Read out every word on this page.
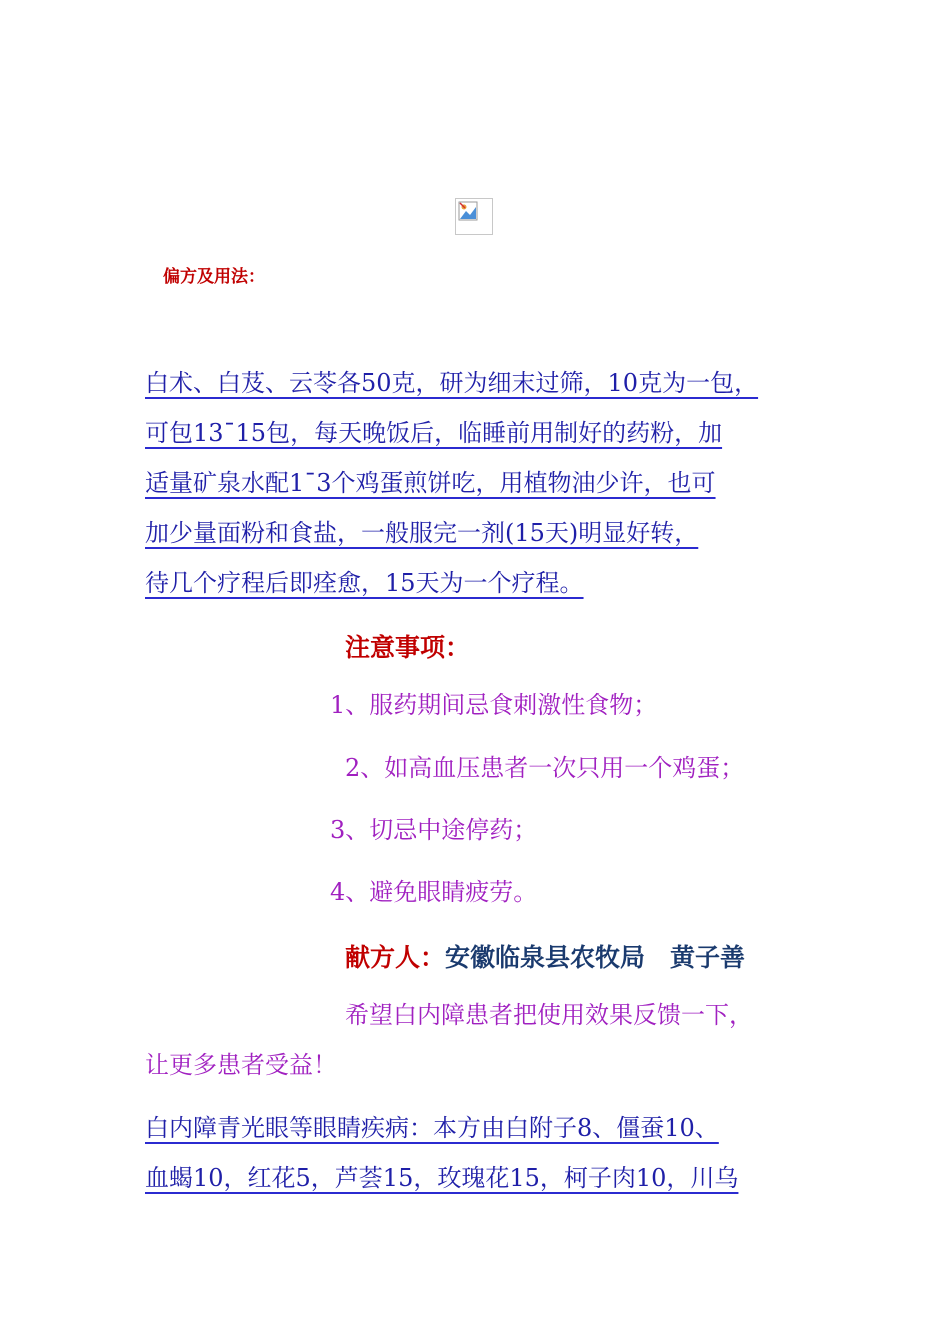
偏方及用法：
白术、白芨、云苓各50克，研为细末过筛，10克为一包，
可包13¯15包，每天晚饭后，临睡前用制好的药粉，加
适量矿泉水配1¯3个鸡蛋煎饼吃，用植物油少许，也可
加少量面粉和食盐，一般服完一剂(15天)明显好转，
待几个疗程后即痊愈，15天为一个疗程。
注意事项：
1、服药期间忌食刺激性食物；
2、如高血压患者一次只用一个鸡蛋；
3、切忌中途停药；
4、避免眼睛疲劳。
献方人：安徽临泉县农牧局　黄子善
希望白内障患者把使用效果反馈一下，
让更多患者受益！
白内障青光眼等眼睛疾病：本方由白附子8、僵蚕10、
血蝎10，红花5，芦荟15，玫瑰花15，柯子肉10，川乌
